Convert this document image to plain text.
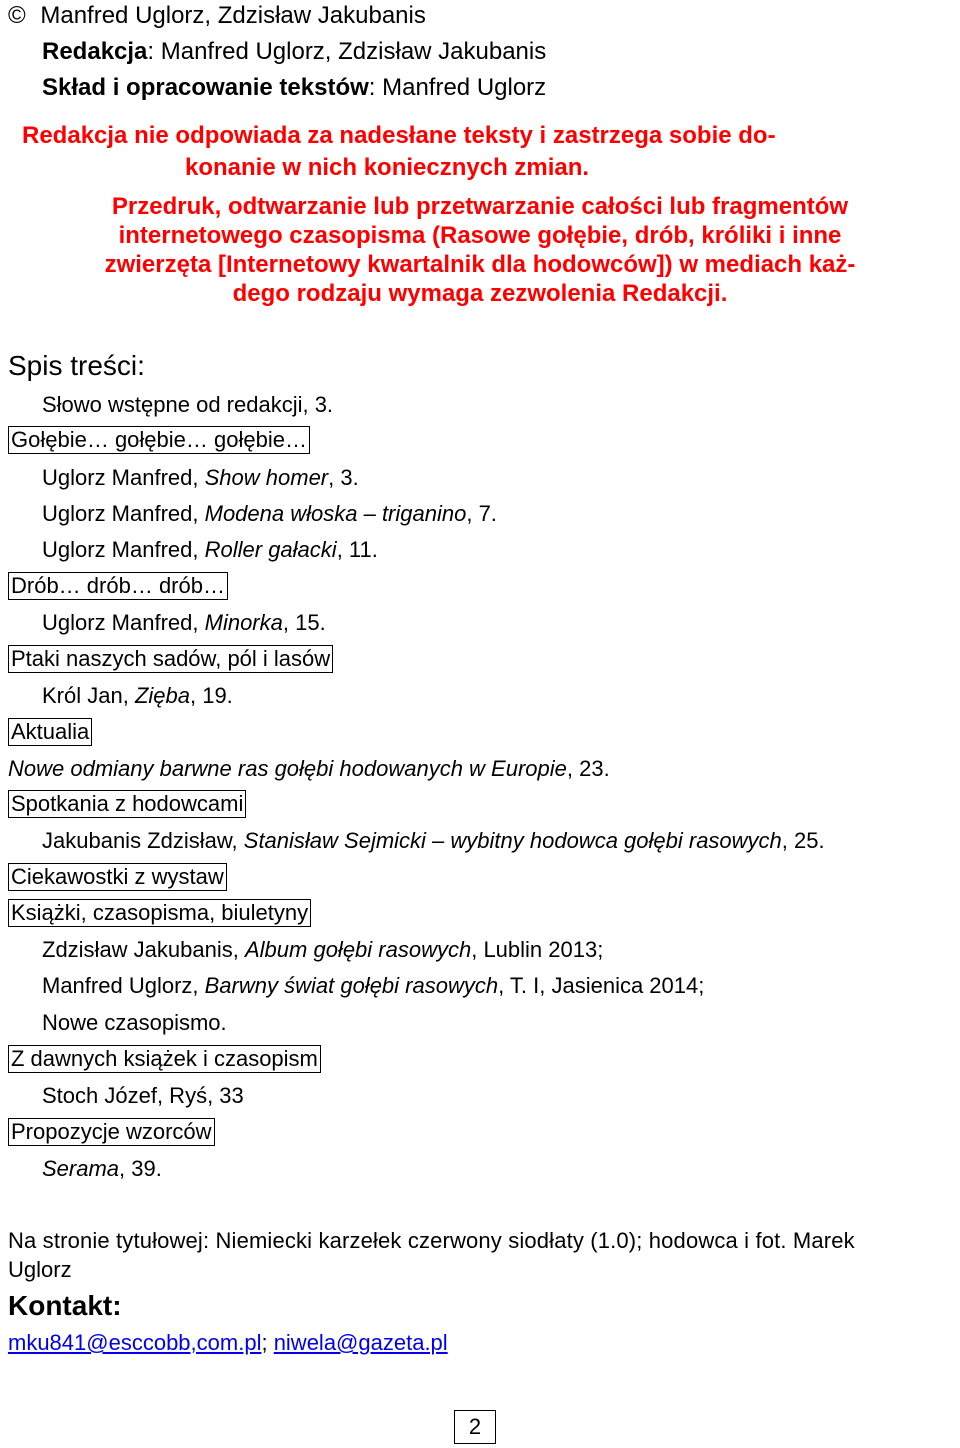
© Manfred Uglorz, Zdzisław Jakubanis
Redakcja: Manfred Uglorz, Zdzisław Jakubanis
Skład i opracowanie tekstów: Manfred Uglorz
Redakcja nie odpowiada za nadesłane teksty i zastrzega sobie do-
konanie w nich koniecznych zmian.
Przedruk, odtwarzanie lub przetwarzanie całości lub fragmentów
internetowego czasopisma (Rasowe gołębie, drób, króliki i inne
zwierzęta [Internetowy kwartalnik dla hodowców]) w mediach każ-
dego rodzaju wymaga zezwolenia Redakcji.
Spis treści:
Słowo wstępne od redakcji, 3.
Gołębie… gołębie… gołębie…
Uglorz Manfred, Show homer, 3.
Uglorz Manfred, Modena włoska – triganino, 7.
Uglorz Manfred, Roller gałacki, 11.
Drób… drób… drób…
Uglorz Manfred, Minorka, 15.
Ptaki naszych sadów, pól i lasów
Król Jan, Zięba, 19.
Aktualia
Nowe odmiany barwne ras gołębi hodowanych w Europie, 23.
Spotkania z hodowcami
Jakubanis Zdzisław, Stanisław Sejmicki – wybitny hodowca gołębi rasowych, 25.
Ciekawostki z wystaw
Książki, czasopisma, biuletyny
Zdzisław Jakubanis, Album gołębi rasowych, Lublin 2013;
Manfred Uglorz, Barwny świat gołębi rasowych, T. I, Jasienica 2014;
Nowe czasopismo.
Z dawnych książek i czasopism
Stoch Józef, Ryś, 33
Propozycje wzorców
Serama, 39.
Na stronie tytułowej: Niemiecki karzełek czerwony siodłaty (1.0); hodowca i fot. Marek
Uglorz
Kontakt:
mku841@esccobb,com.pl; niwela@gazeta.pl
2
